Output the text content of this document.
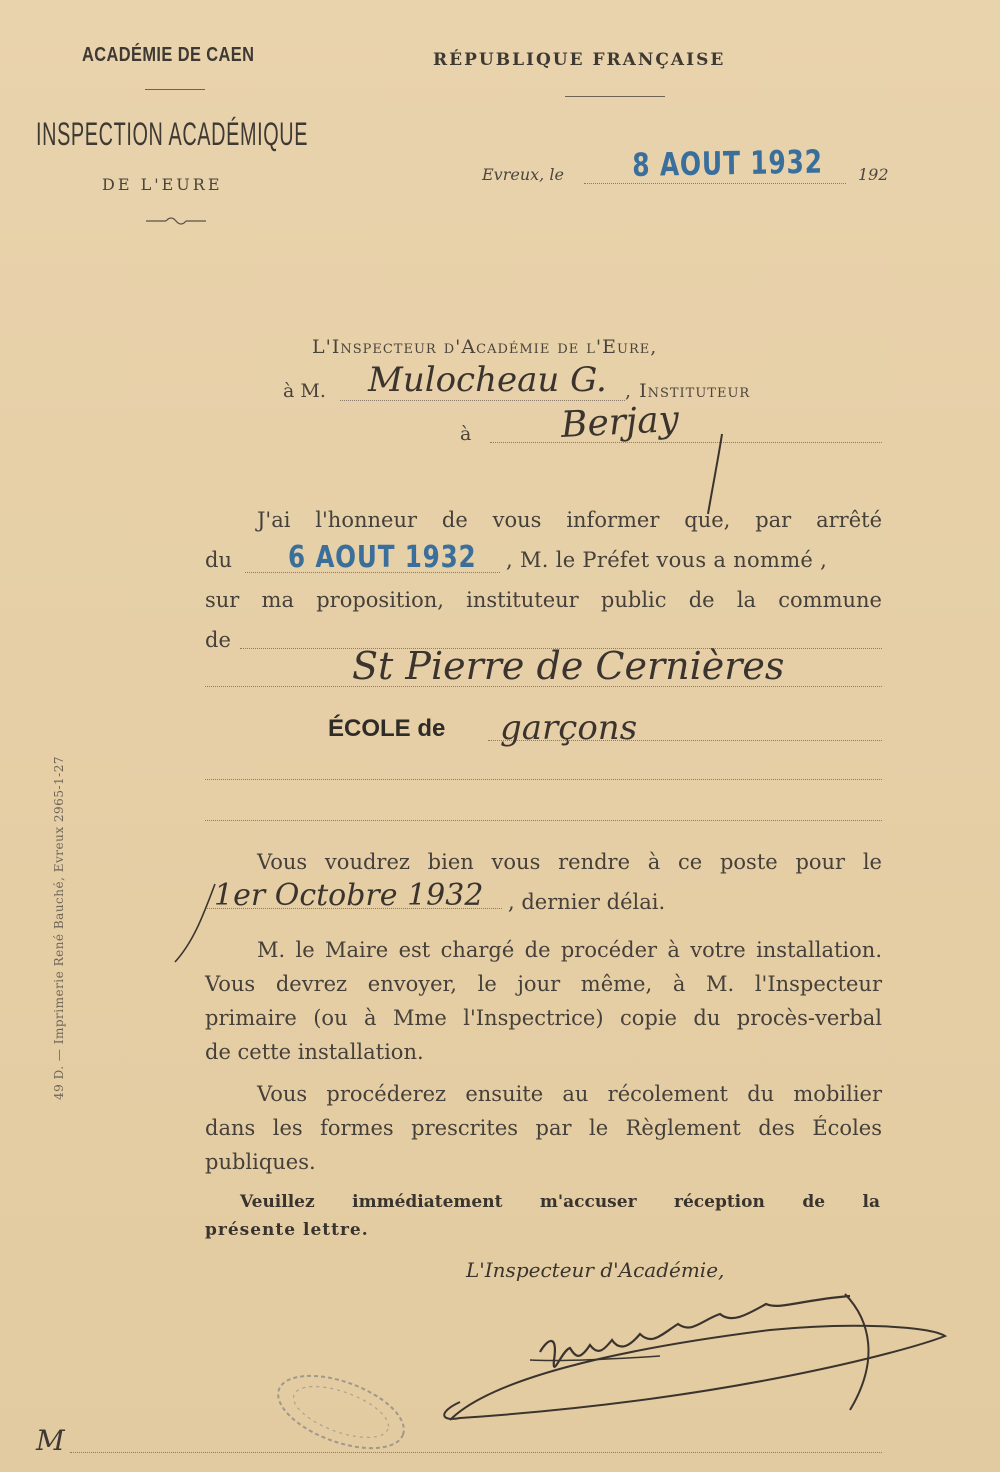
ACADÉMIE DE CAEN	RÉPUBLIQUE FRANÇAISE
INSPECTION ACADÉMIQUE
DE L'EURE
Evreux, le 8 AOUT 1932 192
L'Inspecteur d'Académie de l'Eure,
à M. Mulocheau G. , Instituteur
à Berjay
J'ai l'honneur de vous informer que, par arrêté
du 6 AOUT 1932 , M. le Préfet vous a nommé ,
sur ma proposition, instituteur public de la commune
de
St Pierre de Cernières
ÉCOLE de garçons
Vous voudrez bien vous rendre à ce poste pour le
1er Octobre 1932 , dernier délai.
M. le Maire est chargé de procéder à votre installation.
Vous devrez envoyer, le jour même, à M. l'Inspecteur
primaire (ou à Mme l'Inspectrice) copie du procès-verbal
de cette installation.
Vous procéderez ensuite au récolement du mobilier
dans les formes prescrites par le Règlement des Écoles
publiques.
Veuillez immédiatement m'accuser réception de la
présente lettre.
L'Inspecteur d'Académie,
M
49 D. — Imprimerie René Bauché, Evreux 2965-1-27
